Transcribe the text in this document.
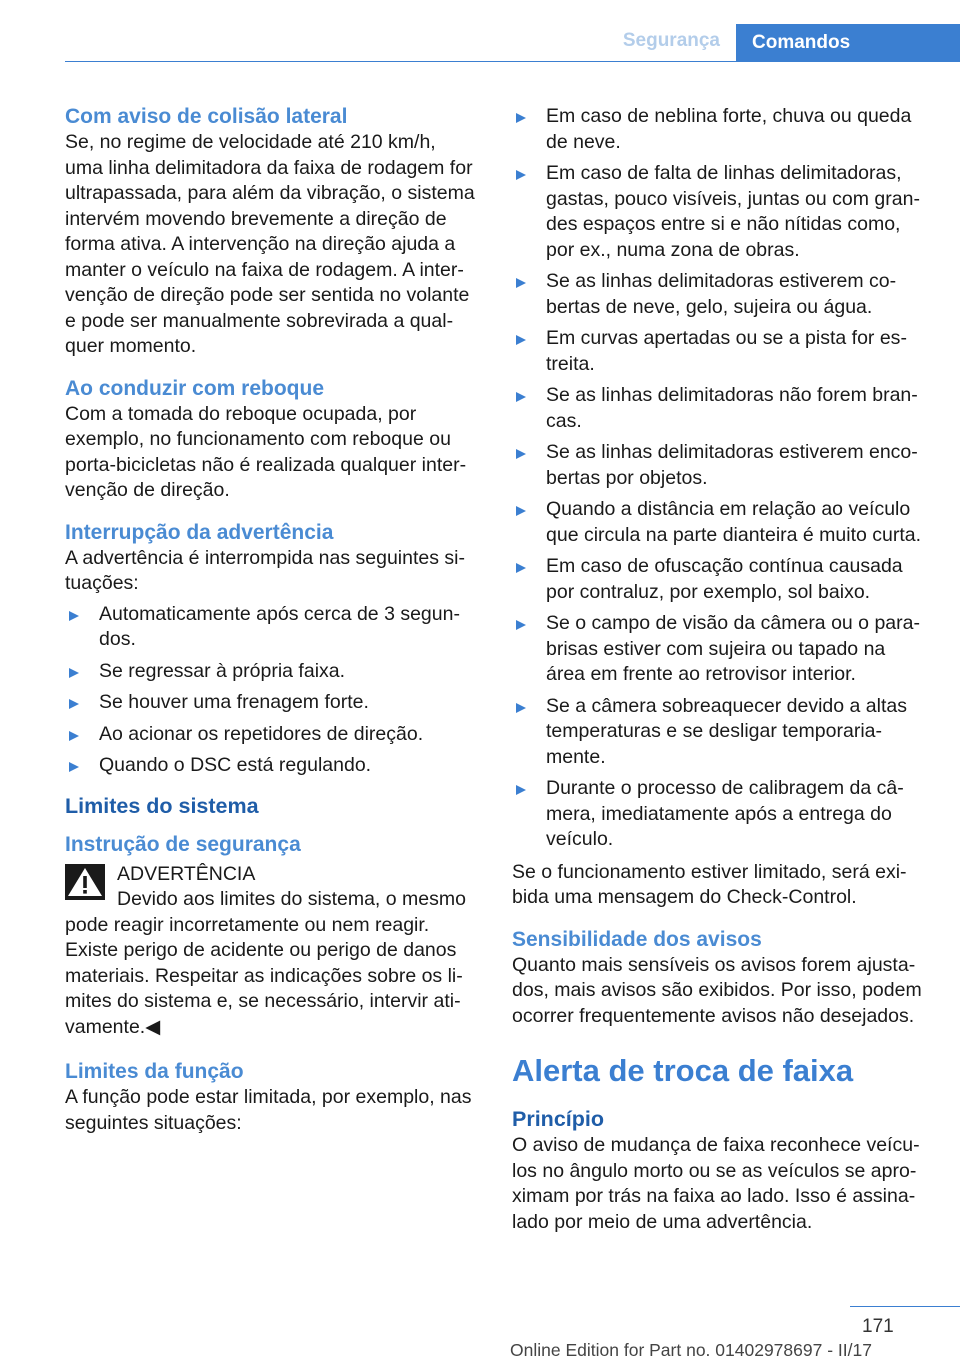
Segurança	Comandos
Com aviso de colisão lateral

Se, no regime de velocidade até 210 km/h, uma linha delimitadora da faixa de rodagem for ultrapassada, para além da vibração, o sistema intervém movendo brevemente a direção de forma ativa. A intervenção na direção ajuda a manter o veículo na faixa de rodagem. A intervenção de direção pode ser sentida no volante e pode ser manualmente sobrevirada a qualquer momento.

Ao conduzir com reboque

Com a tomada do reboque ocupada, por exemplo, no funcionamento com reboque ou porta-bicicletas não é realizada qualquer intervenção de direção.

Interrupção da advertência

A advertência é interrompida nas seguintes situações:

Automaticamente após cerca de 3 segundos.
Se regressar à própria faixa.
Se houver uma frenagem forte.
Ao acionar os repetidores de direção.
Quando o DSC está regulando.
Limites do sistema
Instrução de segurança
ADVERTÊNCIA
Devido aos limites do sistema, o mesmo pode reagir incorretamente ou nem reagir. Existe perigo de acidente ou perigo de danos materiais. Respeitar as indicações sobre os limites do sistema e, se necessário, intervir ativamente.◀
Limites da função

A função pode estar limitada, por exemplo, nas seguintes situações:

Em caso de neblina forte, chuva ou queda de neve.
Em caso de falta de linhas delimitadoras, gastas, pouco visíveis, juntas ou com grandes espaços entre si e não nítidas como, por ex., numa zona de obras.
Se as linhas delimitadoras estiverem cobertas de neve, gelo, sujeira ou água.
Em curvas apertadas ou se a pista for estreita.
Se as linhas delimitadoras não forem brancas.
Se as linhas delimitadoras estiverem encobertas por objetos.
Quando a distância em relação ao veículo que circula na parte dianteira é muito curta.
Em caso de ofuscação contínua causada por contraluz, por exemplo, sol baixo.
Se o campo de visão da câmera ou o para-brisas estiver com sujeira ou tapado na área em frente ao retrovisor interior.
Se a câmera sobreaquecer devido a altas temperaturas e se desligar temporariamente.
Durante o processo de calibragem da câmera, imediatamente após a entrega do veículo.

Se o funcionamento estiver limitado, será exibida uma mensagem do Check-Control.

Sensibilidade dos avisos

Quanto mais sensíveis os avisos forem ajustados, mais avisos são exibidos. Por isso, podem ocorrer frequentemente avisos não desejados.

Alerta de troca de faixa
Princípio

O aviso de mudança de faixa reconhece veículos no ângulo morto ou se as veículos se aproximam por trás na faixa ao lado. Isso é assinalado por meio de uma advertência.

171
Online Edition for Part no. 01402978697 - II/17
